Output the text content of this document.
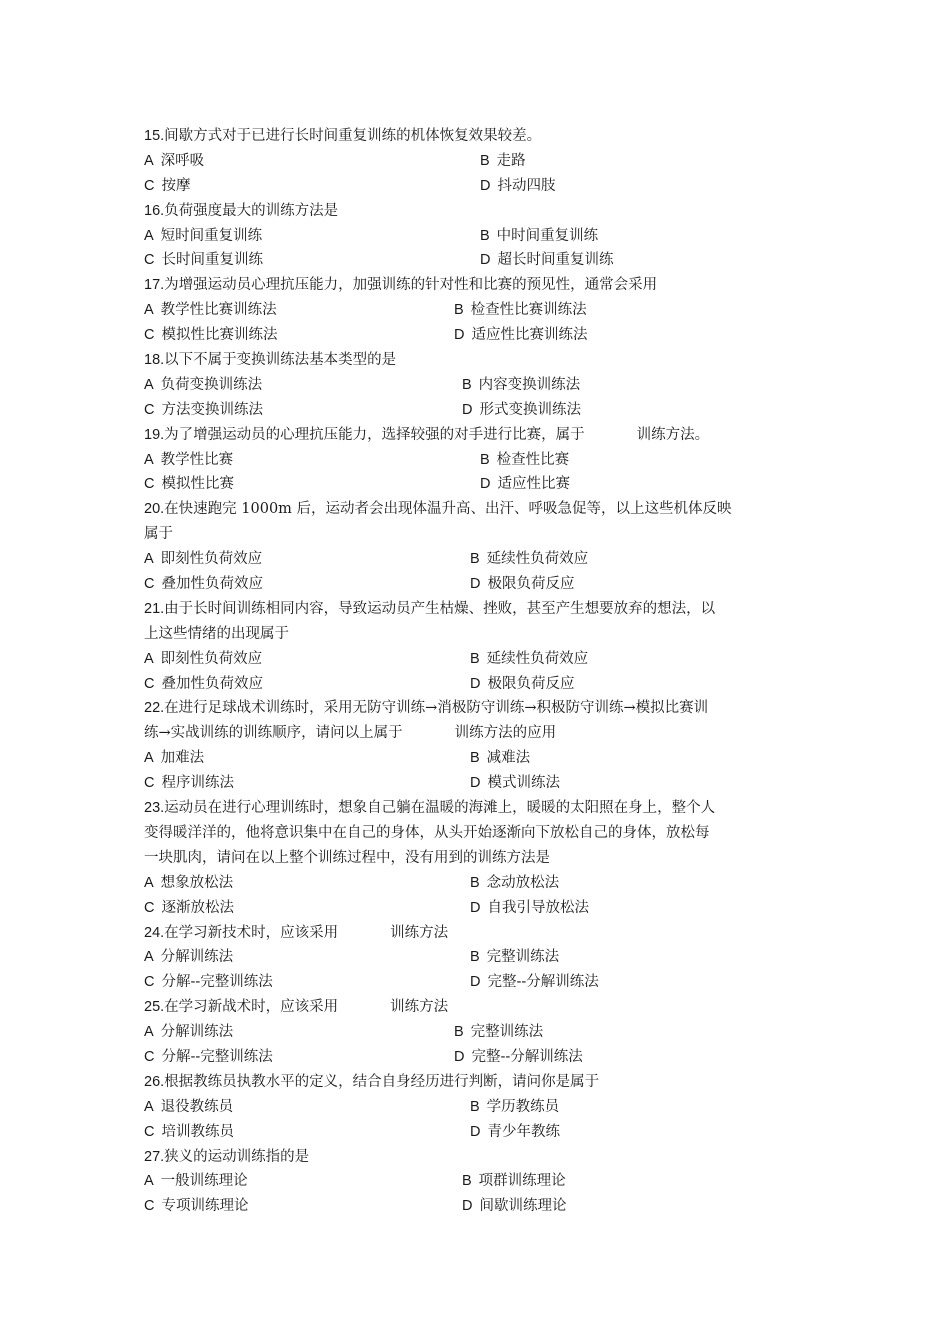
15.间歇方式对于已进行长时间重复训练的机体恢复效果较差。
A 深呼吸	B 走路
C 按摩	D 抖动四肢
16.负荷强度最大的训练方法是
A 短时间重复训练	B 中时间重复训练
C 长时间重复训练	D 超长时间重复训练
17.为增强运动员心理抗压能力，加强训练的针对性和比赛的预见性，通常会采用
A 教学性比赛训练法	B 检查性比赛训练法
C 模拟性比赛训练法	D 适应性比赛训练法
18.以下不属于变换训练法基本类型的是
A 负荷变换训练法	B 内容变换训练法
C 方法变换训练法	D 形式变换训练法
19.为了增强运动员的心理抗压能力，选择较强的对手进行比赛，属于	训练方法。
A 教学性比赛	B 检查性比赛
C 模拟性比赛	D 适应性比赛
20.在快速跑完 1000m 后，运动者会出现体温升高、出汗、呼吸急促等，以上这些机体反映
属于
A 即刻性负荷效应	B 延续性负荷效应
C 叠加性负荷效应	D 极限负荷反应
21.由于长时间训练相同内容，导致运动员产生枯燥、挫败，甚至产生想要放弃的想法，以
上这些情绪的出现属于
A 即刻性负荷效应	B 延续性负荷效应
C 叠加性负荷效应	D 极限负荷反应
22.在进行足球战术训练时，采用无防守训练→消极防守训练→积极防守训练→模拟比赛训
练→实战训练的训练顺序，请问以上属于	训练方法的应用
A 加难法	B 减难法
C 程序训练法	D 模式训练法
23.运动员在进行心理训练时，想象自己躺在温暖的海滩上，暖暖的太阳照在身上，整个人
变得暖洋洋的，他将意识集中在自己的身体，从头开始逐渐向下放松自己的身体，放松每
一块肌肉，请问在以上整个训练过程中，没有用到的训练方法是
A 想象放松法	B 念动放松法
C 逐渐放松法	D 自我引导放松法
24.在学习新技术时，应该采用	训练方法
A 分解训练法	B 完整训练法
C 分解--完整训练法	D 完整--分解训练法
25.在学习新战术时，应该采用	训练方法
A 分解训练法	B 完整训练法
C 分解--完整训练法	D 完整--分解训练法
26.根据教练员执教水平的定义，结合自身经历进行判断，请问你是属于
A 退役教练员	B 学历教练员
C 培训教练员	D 青少年教练
27.狭义的运动训练指的是
A 一般训练理论	B 项群训练理论
C 专项训练理论	D 间歇训练理论
